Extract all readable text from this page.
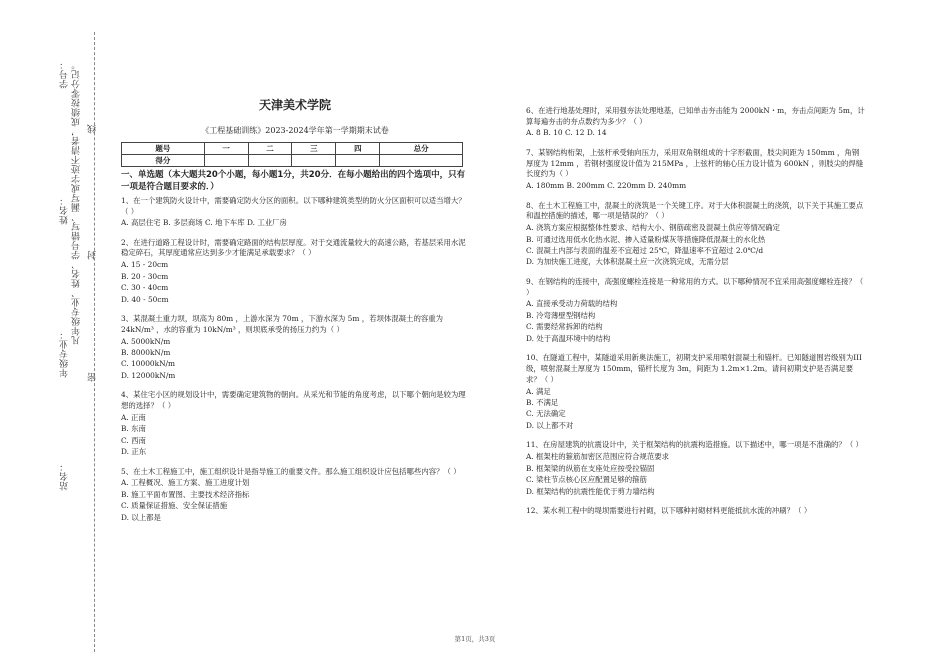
学号：
线
姓名：
封
凡年级专业、姓名、学号错写、漏写或字迹不清者，成绩按零分记。
年级专业： 密
站名：
天津美术学院
《工程基础训练》2023-2024学年第一学期期末试卷
题号	一	二	三	四	总分
得分					
一、单选题（本大题共20个小题，每小题1分，共20分．在每小题给出的四个选项中，只有一项是符合题目要求的．）
1、在一个建筑防火设计中，需要确定防火分区的面积。以下哪种建筑类型的防火分区面积可以适当增大？（ ）
A. 高层住宅 B. 多层商场 C. 地下车库 D. 工业厂房
2、在进行道路工程设计时，需要确定路面的结构层厚度。对于交通流量较大的高速公路，若基层采用水泥稳定碎石，其厚度通常应达到多少才能满足承载要求？（ ）
A. 15 - 20cm
B. 20 - 30cm
C. 30 - 40cm
D. 40 - 50cm
3、某混凝土重力坝，坝高为 80m ，上游水深为 70m ，下游水深为 5m ，若坝体混凝土的容重为 24kN/m³ ，水的容重为 10kN/m³ ，则坝底承受的扬压力约为（ ）
A. 5000kN/m
B. 8000kN/m
C. 10000kN/m
D. 12000kN/m
4、某住宅小区的规划设计中，需要确定建筑物的朝向。从采光和节能的角度考虑，以下哪个朝向是较为理想的选择？（ ）
A. 正南
B. 东南
C. 西南
D. 正东
5、在土木工程施工中，施工组织设计是指导施工的重要文件。那么施工组织设计应包括哪些内容？（ ）
A. 工程概况、施工方案、施工进度计划
B. 施工平面布置图、主要技术经济指标
C. 质量保证措施、安全保证措施
D. 以上都是
6、在进行地基处理时，采用强夯法处理地基，已知单击夯击能为 2000kN・m，夯击点间距为 5m，计算每遍夯击的夯点数约为多少？（ ）
A. 8 B. 10 C. 12 D. 14
7、某钢结构桁架，上弦杆承受轴向压力，采用双角钢组成的十字形截面，肢尖间距为 150mm ，角钢厚度为 12mm ，若钢材强度设计值为 215MPa ，上弦杆的轴心压力设计值为 600kN ，则肢尖的焊缝长度约为（ ）
A. 180mm B. 200mm C. 220mm D. 240mm
8、在土木工程施工中，混凝土的浇筑是一个关键工序。对于大体积混凝土的浇筑，以下关于其施工要点和温控措施的描述，哪一项是错误的？（ ）
A. 浇筑方案应根据整体性要求、结构大小、钢筋疏密及混凝土供应等情况确定
B. 可通过选用低水化热水泥、掺入适量粉煤灰等措施降低混凝土的水化热
C. 混凝土内部与表面的温差不宜超过 25℃，降温速率不宜超过 2.0℃/d
D. 为加快施工进度，大体积混凝土应一次浇筑完成，无需分层
9、在钢结构的连接中，高强度螺栓连接是一种常用的方式。以下哪种情况不宜采用高强度螺栓连接？（ ）
A. 直接承受动力荷载的结构
B. 冷弯薄壁型钢结构
C. 需要经常拆卸的结构
D. 处于高温环境中的结构
10、在隧道工程中，某隧道采用新奥法施工，初期支护采用喷射混凝土和锚杆。已知隧道围岩级别为III级，喷射混凝土厚度为 150mm，锚杆长度为 3m，间距为 1.2m×1.2m。请问初期支护是否满足要求？（ ）
A. 满足
B. 不满足
C. 无法确定
D. 以上都不对
11、在房屋建筑的抗震设计中，关于框架结构的抗震构造措施。以下描述中，哪一项是不准确的？（ ）
A. 框架柱的箍筋加密区范围应符合规范要求
B. 框架梁的纵筋在支座处应按受拉锚固
C. 梁柱节点核心区应配置足够的箍筋
D. 框架结构的抗震性能优于剪力墙结构
12、某水利工程中的堤坝需要进行衬砌，以下哪种衬砌材料更能抵抗水流的冲刷？（ ）
第1页，共3页
